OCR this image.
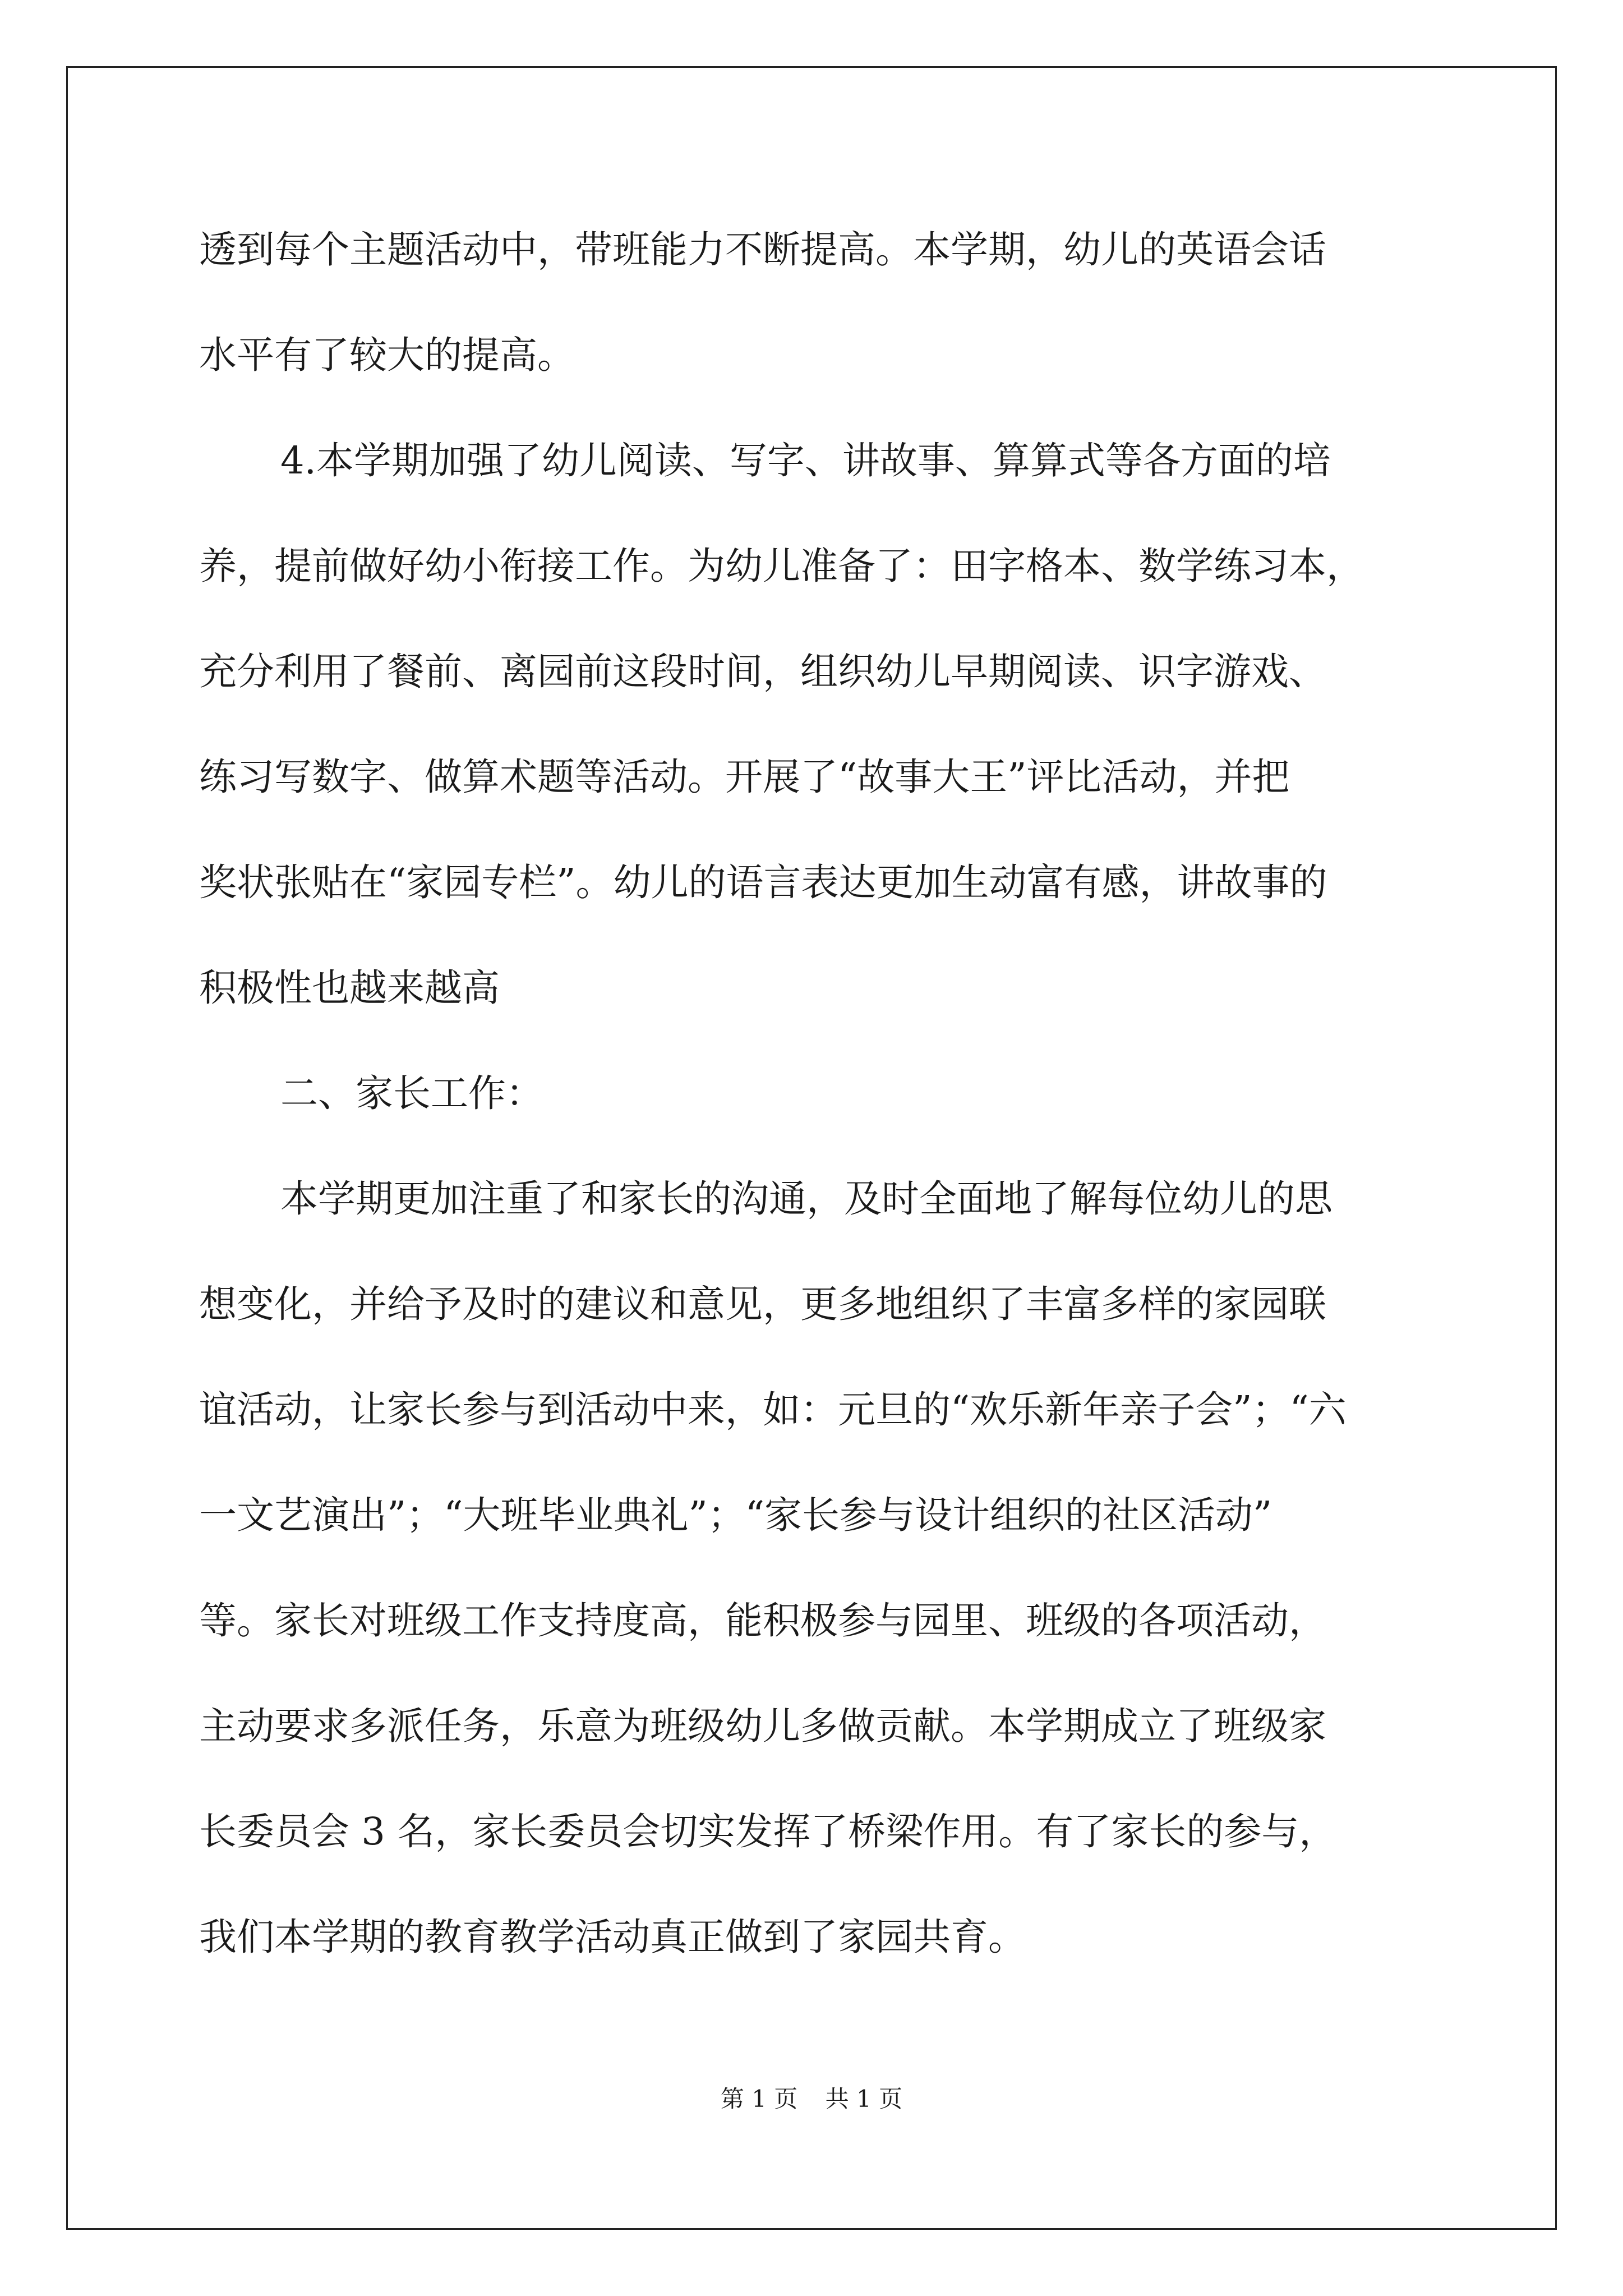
透到每个主题活动中，带班能力不断提高。本学期，幼儿的英语会话
水平有了较大的提高。
4.本学期加强了幼儿阅读、写字、讲故事、算算式等各方面的培
养，提前做好幼小衔接工作。为幼儿准备了：田字格本、数学练习本，
充分利用了餐前、离园前这段时间，组织幼儿早期阅读、识字游戏、
练习写数字、做算术题等活动。开展了“故事大王”评比活动，并把
奖状张贴在“家园专栏”。幼儿的语言表达更加生动富有感，讲故事的
积极性也越来越高
二、家长工作：
本学期更加注重了和家长的沟通，及时全面地了解每位幼儿的思
想变化，并给予及时的建议和意见，更多地组织了丰富多样的家园联
谊活动，让家长参与到活动中来，如：元旦的“欢乐新年亲子会”；“六
一文艺演出”；“大班毕业典礼”；“家长参与设计组织的社区活动”
等。家长对班级工作支持度高，能积极参与园里、班级的各项活动，
主动要求多派任务，乐意为班级幼儿多做贡献。本学期成立了班级家
长委员会 3 名，家长委员会切实发挥了桥梁作用。有了家长的参与，
我们本学期的教育教学活动真正做到了家园共育。
第 1 页 共 1 页
